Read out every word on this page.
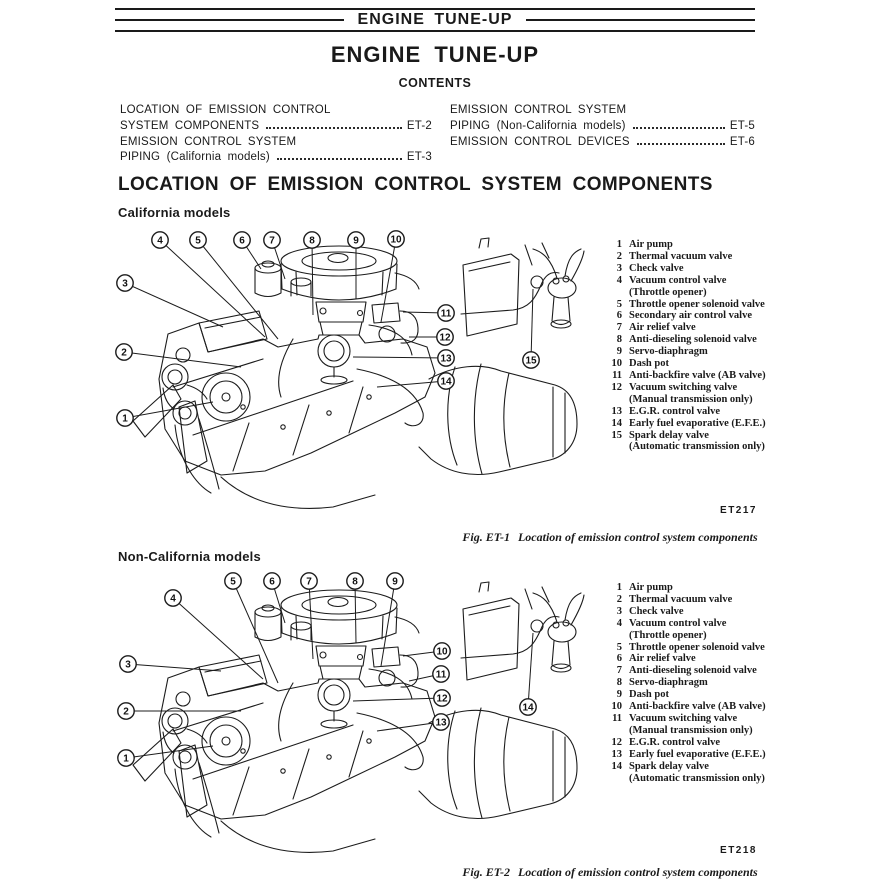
ENGINE TUNE-UP
ENGINE TUNE-UP
CONTENTS
LOCATION OF EMISSION CONTROL
SYSTEM COMPONENTS	ET-2
EMISSION CONTROL SYSTEM
PIPING (California models)	ET-3
EMISSION CONTROL SYSTEM
PIPING (Non-California models)	ET-5
EMISSION CONTROL DEVICES	ET-6
LOCATION OF EMISSION CONTROL SYSTEM COMPONENTS
California models
1
2
3
4	5	6 7	8	9	10
11
12
13
14
15
1 Air pump
2 Thermal vacuum valve
3 Check valve
4 Vacuum control valve
(Throttle opener)
5 Throttle opener solenoid valve
6 Secondary air control valve
7 Air relief valve
8 Anti-dieseling solenoid valve
9 Servo-diaphragm
10 Dash pot
11 Anti-backfire valve (AB valve)
12 Vacuum switching valve
(Manual transmission only)
13 E.G.R. control valve
14 Early fuel evaporative (E.F.E.)
15 Spark delay valve
(Automatic transmission only)
ET217
Fig. ET-1 Location of emission control system components
Non-California models
1
2
3
4
5	6	7	8	9
10
11
12
13
14
1 Air pump
2 Thermal vacuum valve
3 Check valve
4 Vacuum control valve
(Throttle opener)
5 Throttle opener solenoid valve
6 Air relief valve
7 Anti-dieseling solenoid valve
8 Servo-diaphragm
9 Dash pot
10 Anti-backfire valve (AB valve)
11 Vacuum switching valve
(Manual transmission only)
12 E.G.R. control valve
13 Early fuel evaporative (E.F.E.)
14 Spark delay valve
(Automatic transmission only)
ET218
Fig. ET-2 Location of emission control system components
